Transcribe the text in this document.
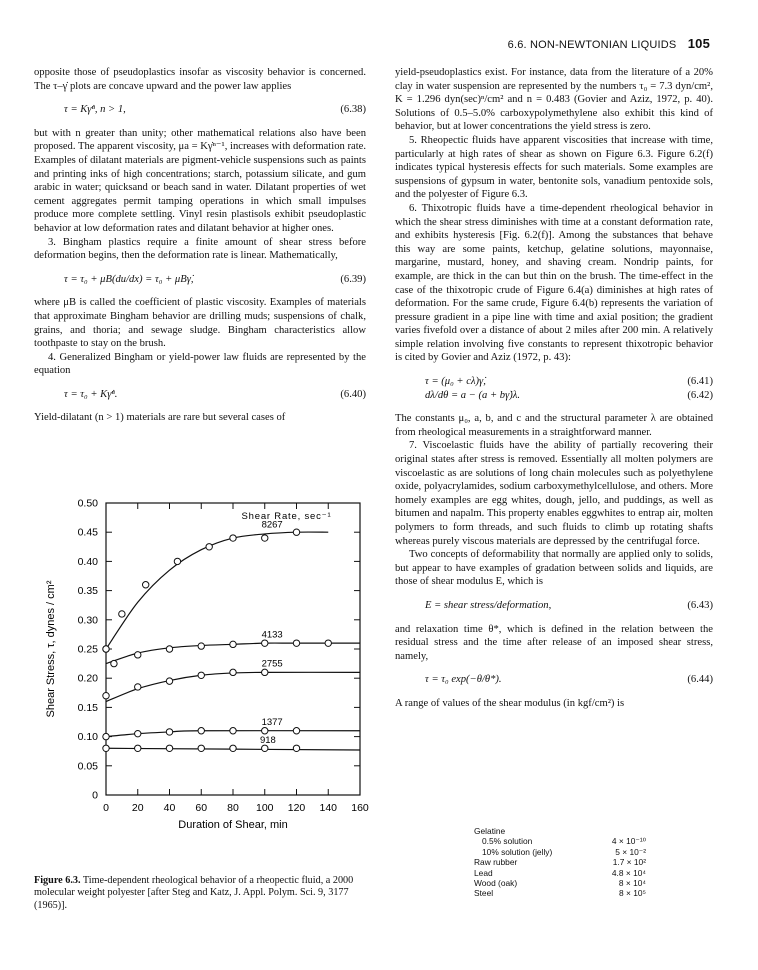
6.6. NON-NEWTONIAN LIQUIDS 105

opposite those of pseudoplastics insofar as viscosity behavior is concerned. The τ–γ̇ plots are concave upward and the power law applies

τ = Kγ̇ⁿ, n > 1,	(6.38)

but with n greater than unity; other mathematical relations also have been proposed. The apparent viscosity, μa = Kγ̇ⁿ⁻¹, increases with deformation rate. Examples of dilatant materials are pigment-vehicle suspensions such as paints and printing inks of high concentrations; starch, potassium silicate, and gum arabic in water; quicksand or beach sand in water. Dilatant properties of wet cement aggregates permit tamping operations in which small impulses produce more complete settling. Vinyl resin plastisols exhibit pseudoplastic behavior at low deformation rates and dilatant behavior at higher ones.

3. Bingham plastics require a finite amount of shear stress before deformation begins, then the deformation rate is linear. Mathematically,

τ = τ₀ + μB(du/dx) = τ₀ + μBγ̇,	(6.39)

where μB is called the coefficient of plastic viscosity. Examples of materials that approximate Bingham behavior are drilling muds; suspensions of chalk, grains, and thoria; and sewage sludge. Bingham characteristics allow toothpaste to stay on the brush.

4. Generalized Bingham or yield-power law fluids are represented by the equation

τ = τ₀ + Kγ̇ⁿ.	(6.40)

Yield-dilatant (n > 1) materials are rare but several cases of

yield-pseudoplastics exist. For instance, data from the literature of a 20% clay in water suspension are represented by the numbers τ₀ = 7.3 dyn/cm², K = 1.296 dyn(sec)ⁿ/cm² and n = 0.483 (Govier and Aziz, 1972, p. 40). Solutions of 0.5–5.0% carboxypolymethylene also exhibit this kind of behavior, but at lower concentrations the yield stress is zero.

5. Rheopectic fluids have apparent viscosities that increase with time, particularly at high rates of shear as shown on Figure 6.3. Figure 6.2(f) indicates typical hysteresis effects for such materials. Some examples are suspensions of gypsum in water, bentonite sols, vanadium pentoxide sols, and the polyester of Figure 6.3.

6. Thixotropic fluids have a time-dependent rheological behavior in which the shear stress diminishes with time at a constant deformation rate, and exhibits hysteresis [Fig. 6.2(f)]. Among the substances that behave this way are some paints, ketchup, gelatine solutions, mayonnaise, margarine, mustard, honey, and shaving cream. Nondrip paints, for example, are thick in the can but thin on the brush. The time-effect in the case of the thixotropic crude of Figure 6.4(a) diminishes at high rates of deformation. For the same crude, Figure 6.4(b) represents the variation of pressure gradient in a pipe line with time and axial position; the gradient varies fivefold over a distance of about 2 miles after 200 min. A relatively simple relation involving five constants to represent thixotropic behavior is cited by Govier and Aziz (1972, p. 43):

τ = (μ₀ + cλ)γ̇,	(6.41)
dλ/dθ = a − (a + bγ̇)λ.	(6.42)

The constants μ₀, a, b, and c and the structural parameter λ are obtained from rheological measurements in a straightforward manner.

7. Viscoelastic fluids have the ability of partially recovering their original states after stress is removed. Essentially all molten polymers are viscoelastic as are solutions of long chain molecules such as polyethylene oxide, polyacrylamides, sodium carboxymethylcellulose, and others. More homely examples are egg whites, dough, jello, and puddings, as well as bitumen and napalm. This property enables eggwhites to entrap air, molten polymers to form threads, and such fluids to climb up rotating shafts whereas purely viscous materials are depressed by the centrifugal force.

Two concepts of deformability that normally are applied only to solids, but appear to have examples of gradation between solids and liquids, are those of shear modulus E, which is

E = shear stress/deformation,	(6.43)

and relaxation time θ*, which is defined in the relation between the residual stress and the time after release of an imposed shear stress, namely,

τ = τ₀ exp(−θ/θ*).	(6.44)

A range of values of the shear modulus (in kgf/cm²) is

0
0.05
0.10
0.15
0.20
0.25
0.30
0.35
0.40
0.45
0.50
0 20 40 60 80 100 120 140 160
Duration of Shear, min
Shear Stress, τ, dynes / cm²
Shear Rate, sec⁻¹
8267
4133
2755
1377
918
Figure 6.3. Time-dependent rheological behavior of a rheopectic fluid, a 2000 molecular weight polyester [after Steg and Katz, J. Appl. Polym. Sci. 9, 3177 (1965)].
Gelatine
0.5% solution	4 × 10⁻¹⁰
10% solution (jelly)	5 × 10⁻²
Raw rubber	1.7 × 10²
Lead	4.8 × 10⁴
Wood (oak)	8 × 10⁴
Steel	8 × 10⁵
